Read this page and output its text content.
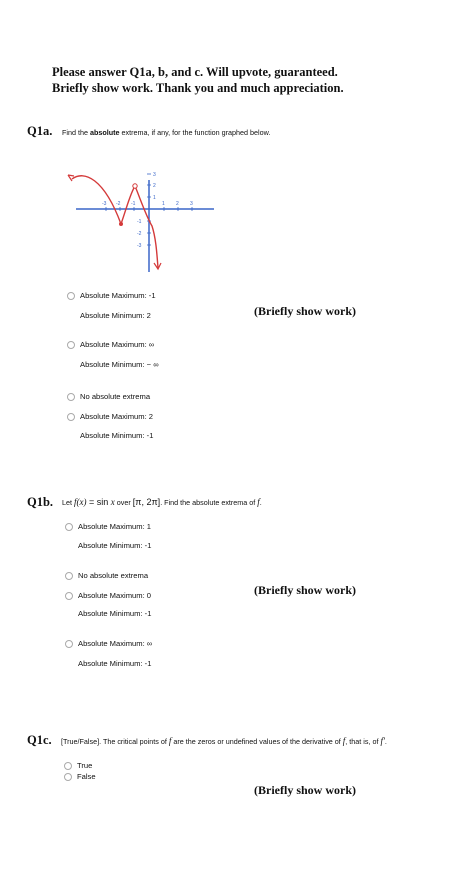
Please answer Q1a, b, and c. Will upvote, guaranteed.
Briefly show work. Thank you and much appreciation.
Q1a. Find the absolute extrema, if any, for the function graphed below.
-3 -2 -1	1 2 3
3
2
1
-1
-2
-3
Absolute Maximum: -1
Absolute Minimum: 2	(Briefly show work)
Absolute Maximum: ∞
Absolute Minimum: − ∞
No absolute extrema
Absolute Maximum: 2
Absolute Minimum: -1
Q1b. Let f(x) = sin x over [π, 2π]. Find the absolute extrema of f.
Absolute Maximum: 1
Absolute Minimum: -1
No absolute extrema
(Briefly show work)
Absolute Maximum: 0
Absolute Minimum: -1
Absolute Maximum: ∞
Absolute Minimum: -1
Q1c. [True/False]. The critical points of f are the zeros or undefined values of the derivative of f, that is, of f'.
True
False
(Briefly show work)
